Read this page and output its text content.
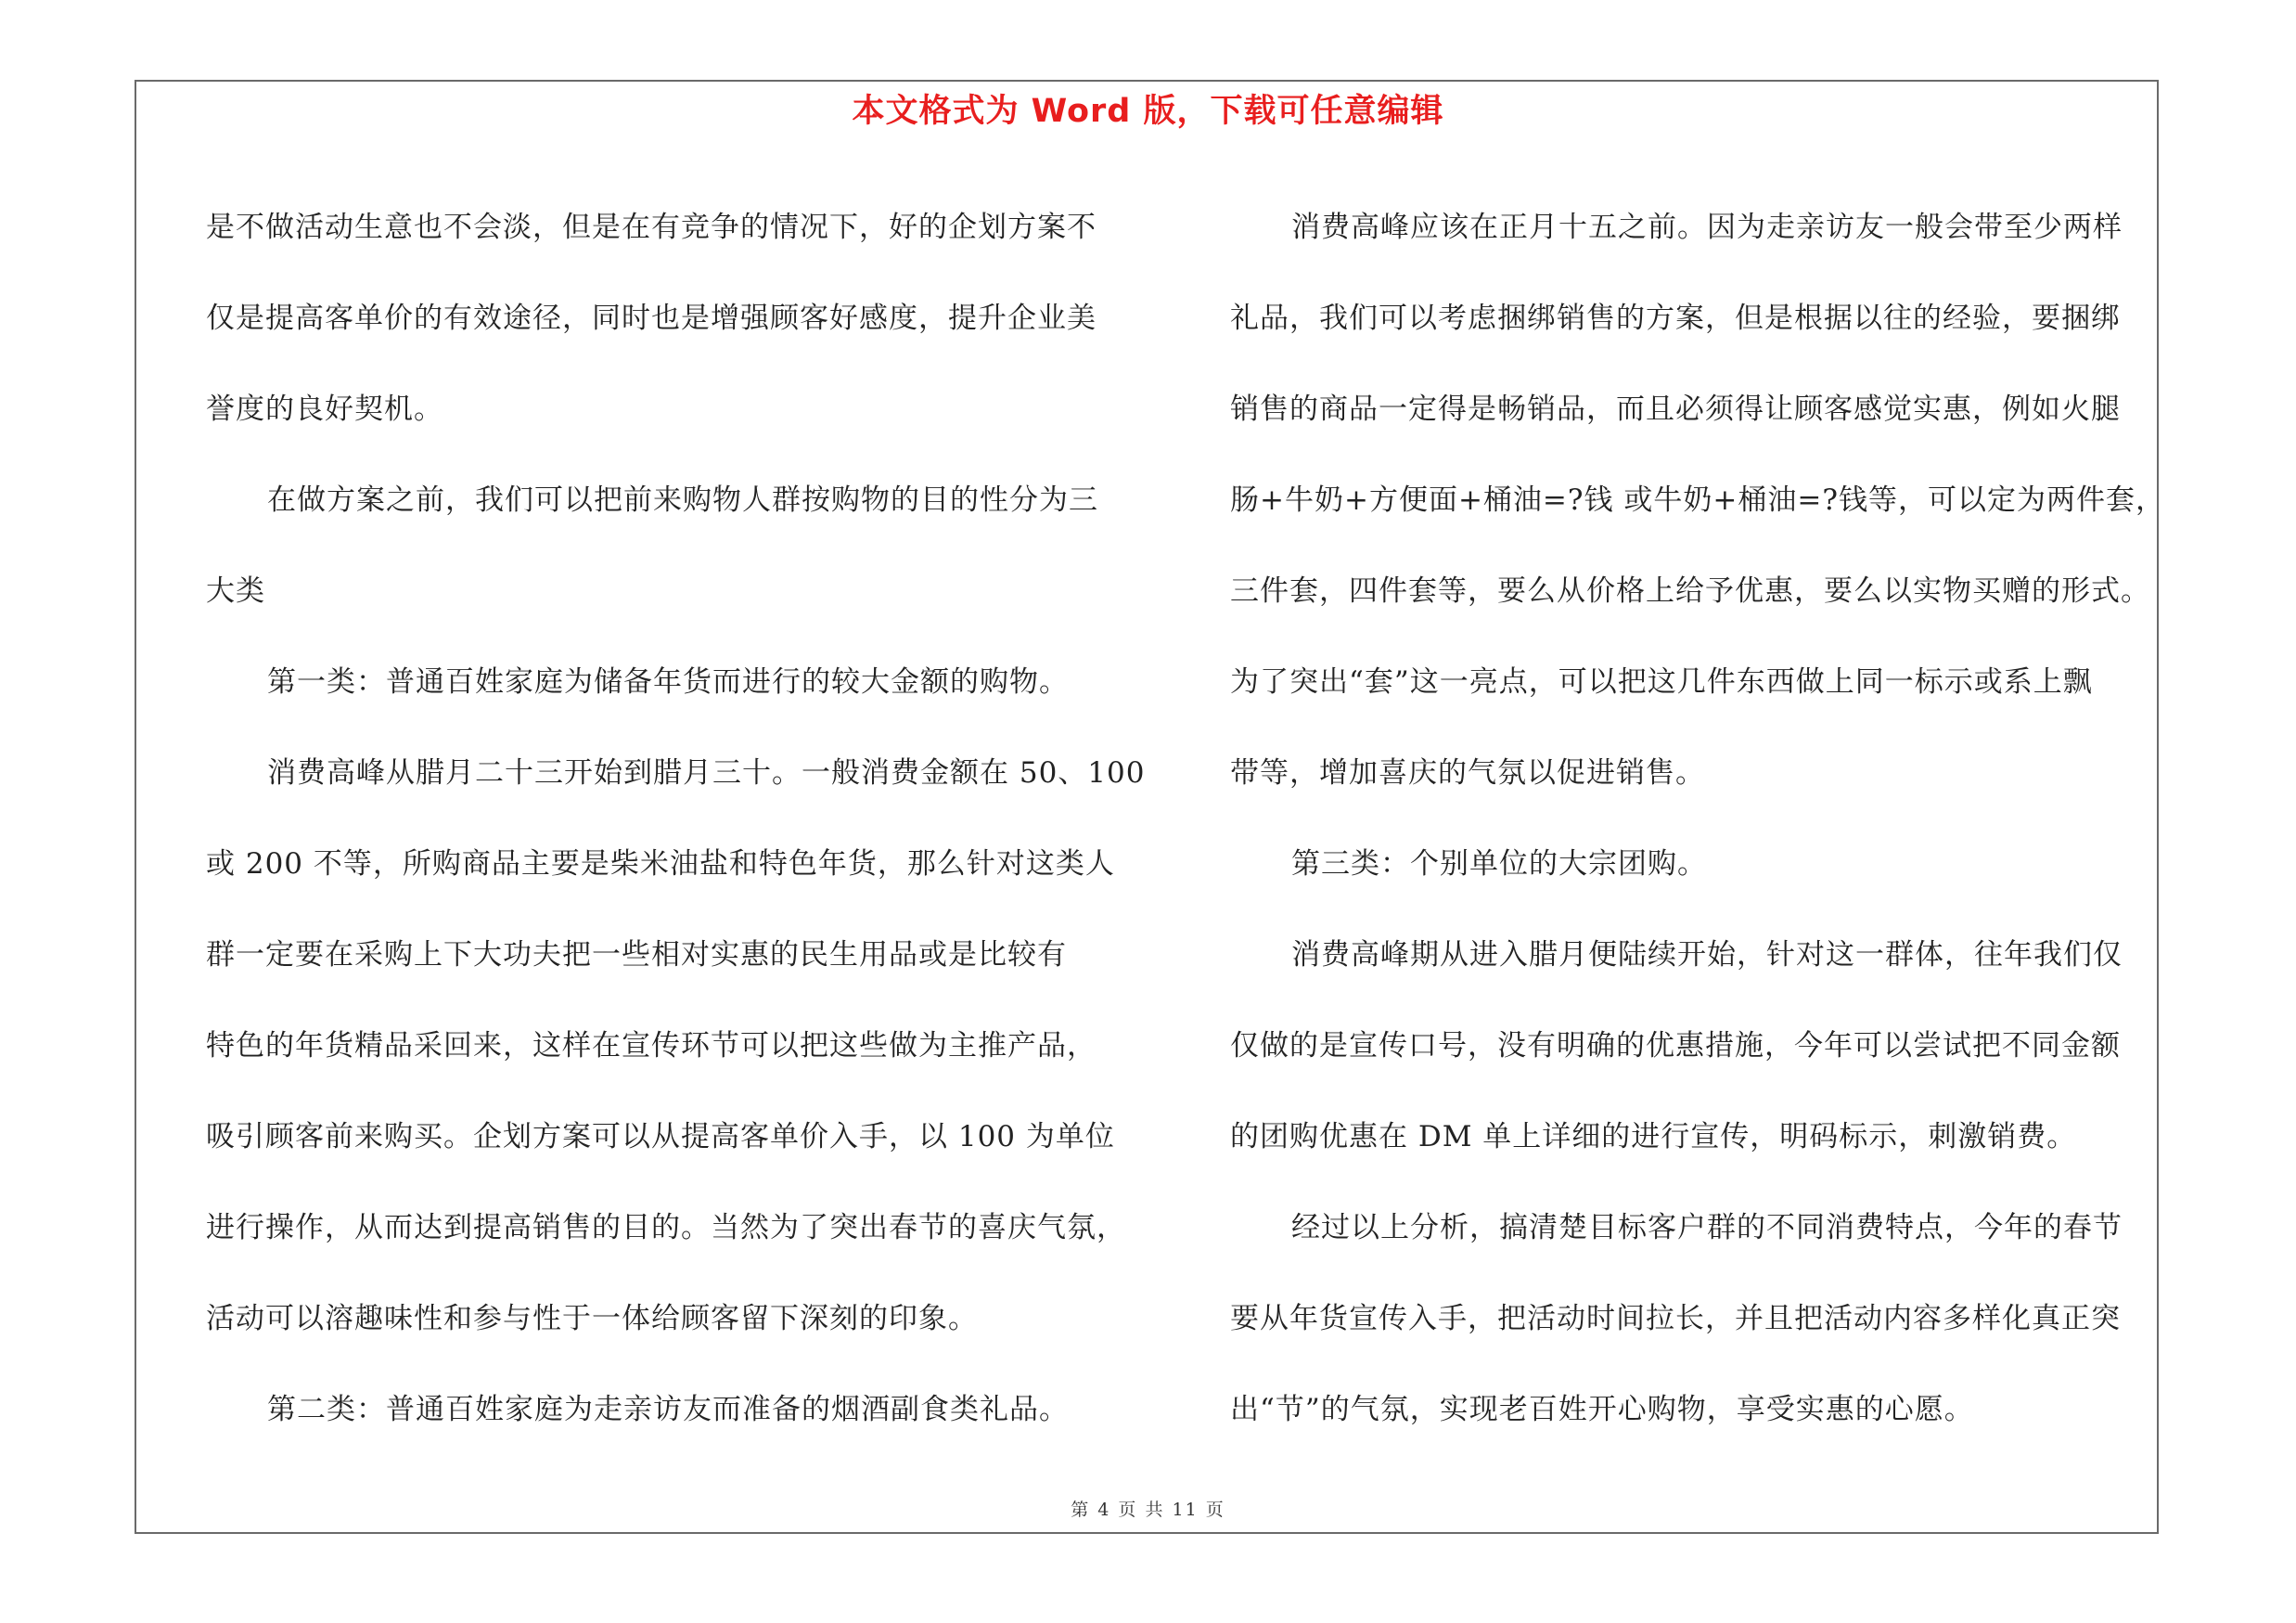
本文格式为 Word 版，下载可任意编辑
是不做活动生意也不会淡，但是在有竞争的情况下，好的企划方案不
仅是提高客单价的有效途径，同时也是增强顾客好感度，提升企业美
誉度的良好契机。
在做方案之前，我们可以把前来购物人群按购物的目的性分为三
大类
第一类：普通百姓家庭为储备年货而进行的较大金额的购物。
消费高峰从腊月二十三开始到腊月三十。一般消费金额在 50、100
或 200 不等，所购商品主要是柴米油盐和特色年货，那么针对这类人
群一定要在采购上下大功夫把一些相对实惠的民生用品或是比较有
特色的年货精品采回来，这样在宣传环节可以把这些做为主推产品，
吸引顾客前来购买。企划方案可以从提高客单价入手，以 100 为单位
进行操作，从而达到提高销售的目的。当然为了突出春节的喜庆气氛，
活动可以溶趣味性和参与性于一体给顾客留下深刻的印象。
第二类：普通百姓家庭为走亲访友而准备的烟酒副食类礼品。
消费高峰应该在正月十五之前。因为走亲访友一般会带至少两样
礼品，我们可以考虑捆绑销售的方案，但是根据以往的经验，要捆绑
销售的商品一定得是畅销品，而且必须得让顾客感觉实惠，例如火腿
肠+牛奶+方便面+桶油=?钱 或牛奶+桶油=?钱等，可以定为两件套，
三件套，四件套等，要么从价格上给予优惠，要么以实物买赠的形式。
为了突出“套”这一亮点，可以把这几件东西做上同一标示或系上飘
带等，增加喜庆的气氛以促进销售。
第三类：个别单位的大宗团购。
消费高峰期从进入腊月便陆续开始，针对这一群体，往年我们仅
仅做的是宣传口号，没有明确的优惠措施，今年可以尝试把不同金额
的团购优惠在 DM 单上详细的进行宣传，明码标示，刺激销费。
经过以上分析，搞清楚目标客户群的不同消费特点，今年的春节
要从年货宣传入手，把活动时间拉长，并且把活动内容多样化真正突
出“节”的气氛，实现老百姓开心购物，享受实惠的心愿。
第 4 页 共 11 页
